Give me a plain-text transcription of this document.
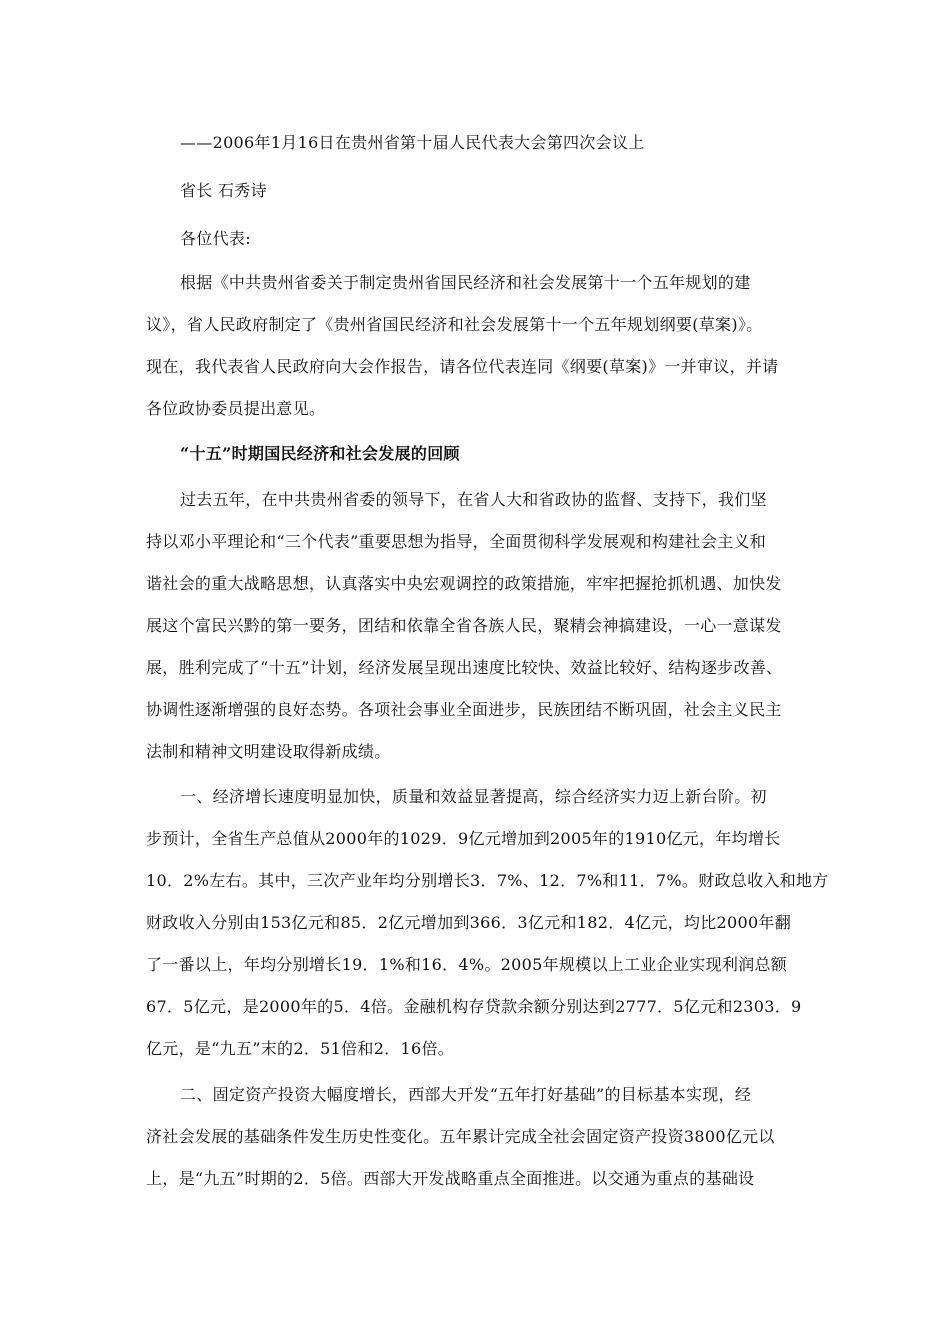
——2006年1月16日在贵州省第十届人民代表大会第四次会议上
省长 石秀诗
各位代表:
根据《中共贵州省委关于制定贵州省国民经济和社会发展第十一个五年规划的建
议》，省人民政府制定了《贵州省国民经济和社会发展第十一个五年规划纲要(草案)》。
现在，我代表省人民政府向大会作报告，请各位代表连同《纲要(草案)》一并审议，并请
各位政协委员提出意见。
“十五”时期国民经济和社会发展的回顾
过去五年，在中共贵州省委的领导下，在省人大和省政协的监督、支持下，我们坚
持以邓小平理论和“三个代表”重要思想为指导，全面贯彻科学发展观和构建社会主义和
谐社会的重大战略思想，认真落实中央宏观调控的政策措施，牢牢把握抢抓机遇、加快发
展这个富民兴黔的第一要务，团结和依靠全省各族人民，聚精会神搞建设，一心一意谋发
展，胜利完成了“十五”计划，经济发展呈现出速度比较快、效益比较好、结构逐步改善、
协调性逐渐增强的良好态势。各项社会事业全面进步，民族团结不断巩固，社会主义民主
法制和精神文明建设取得新成绩。
一、经济增长速度明显加快，质量和效益显著提高，综合经济实力迈上新台阶。初
步预计，全省生产总值从2000年的1029．9亿元增加到2005年的1910亿元，年均增长
10．2%左右。其中，三次产业年均分别增长3．7%、12．7%和11．7%。财政总收入和地方
财政收入分别由153亿元和85．2亿元增加到366．3亿元和182．4亿元，均比2000年翻
了一番以上，年均分别增长19．1%和16．4%。2005年规模以上工业企业实现利润总额
67．5亿元，是2000年的5．4倍。金融机构存贷款余额分别达到2777．5亿元和2303．9
亿元，是“九五”末的2．51倍和2．16倍。
二、固定资产投资大幅度增长，西部大开发“五年打好基础”的目标基本实现，经
济社会发展的基础条件发生历史性变化。五年累计完成全社会固定资产投资3800亿元以
上，是“九五”时期的2．5倍。西部大开发战略重点全面推进。以交通为重点的基础设
